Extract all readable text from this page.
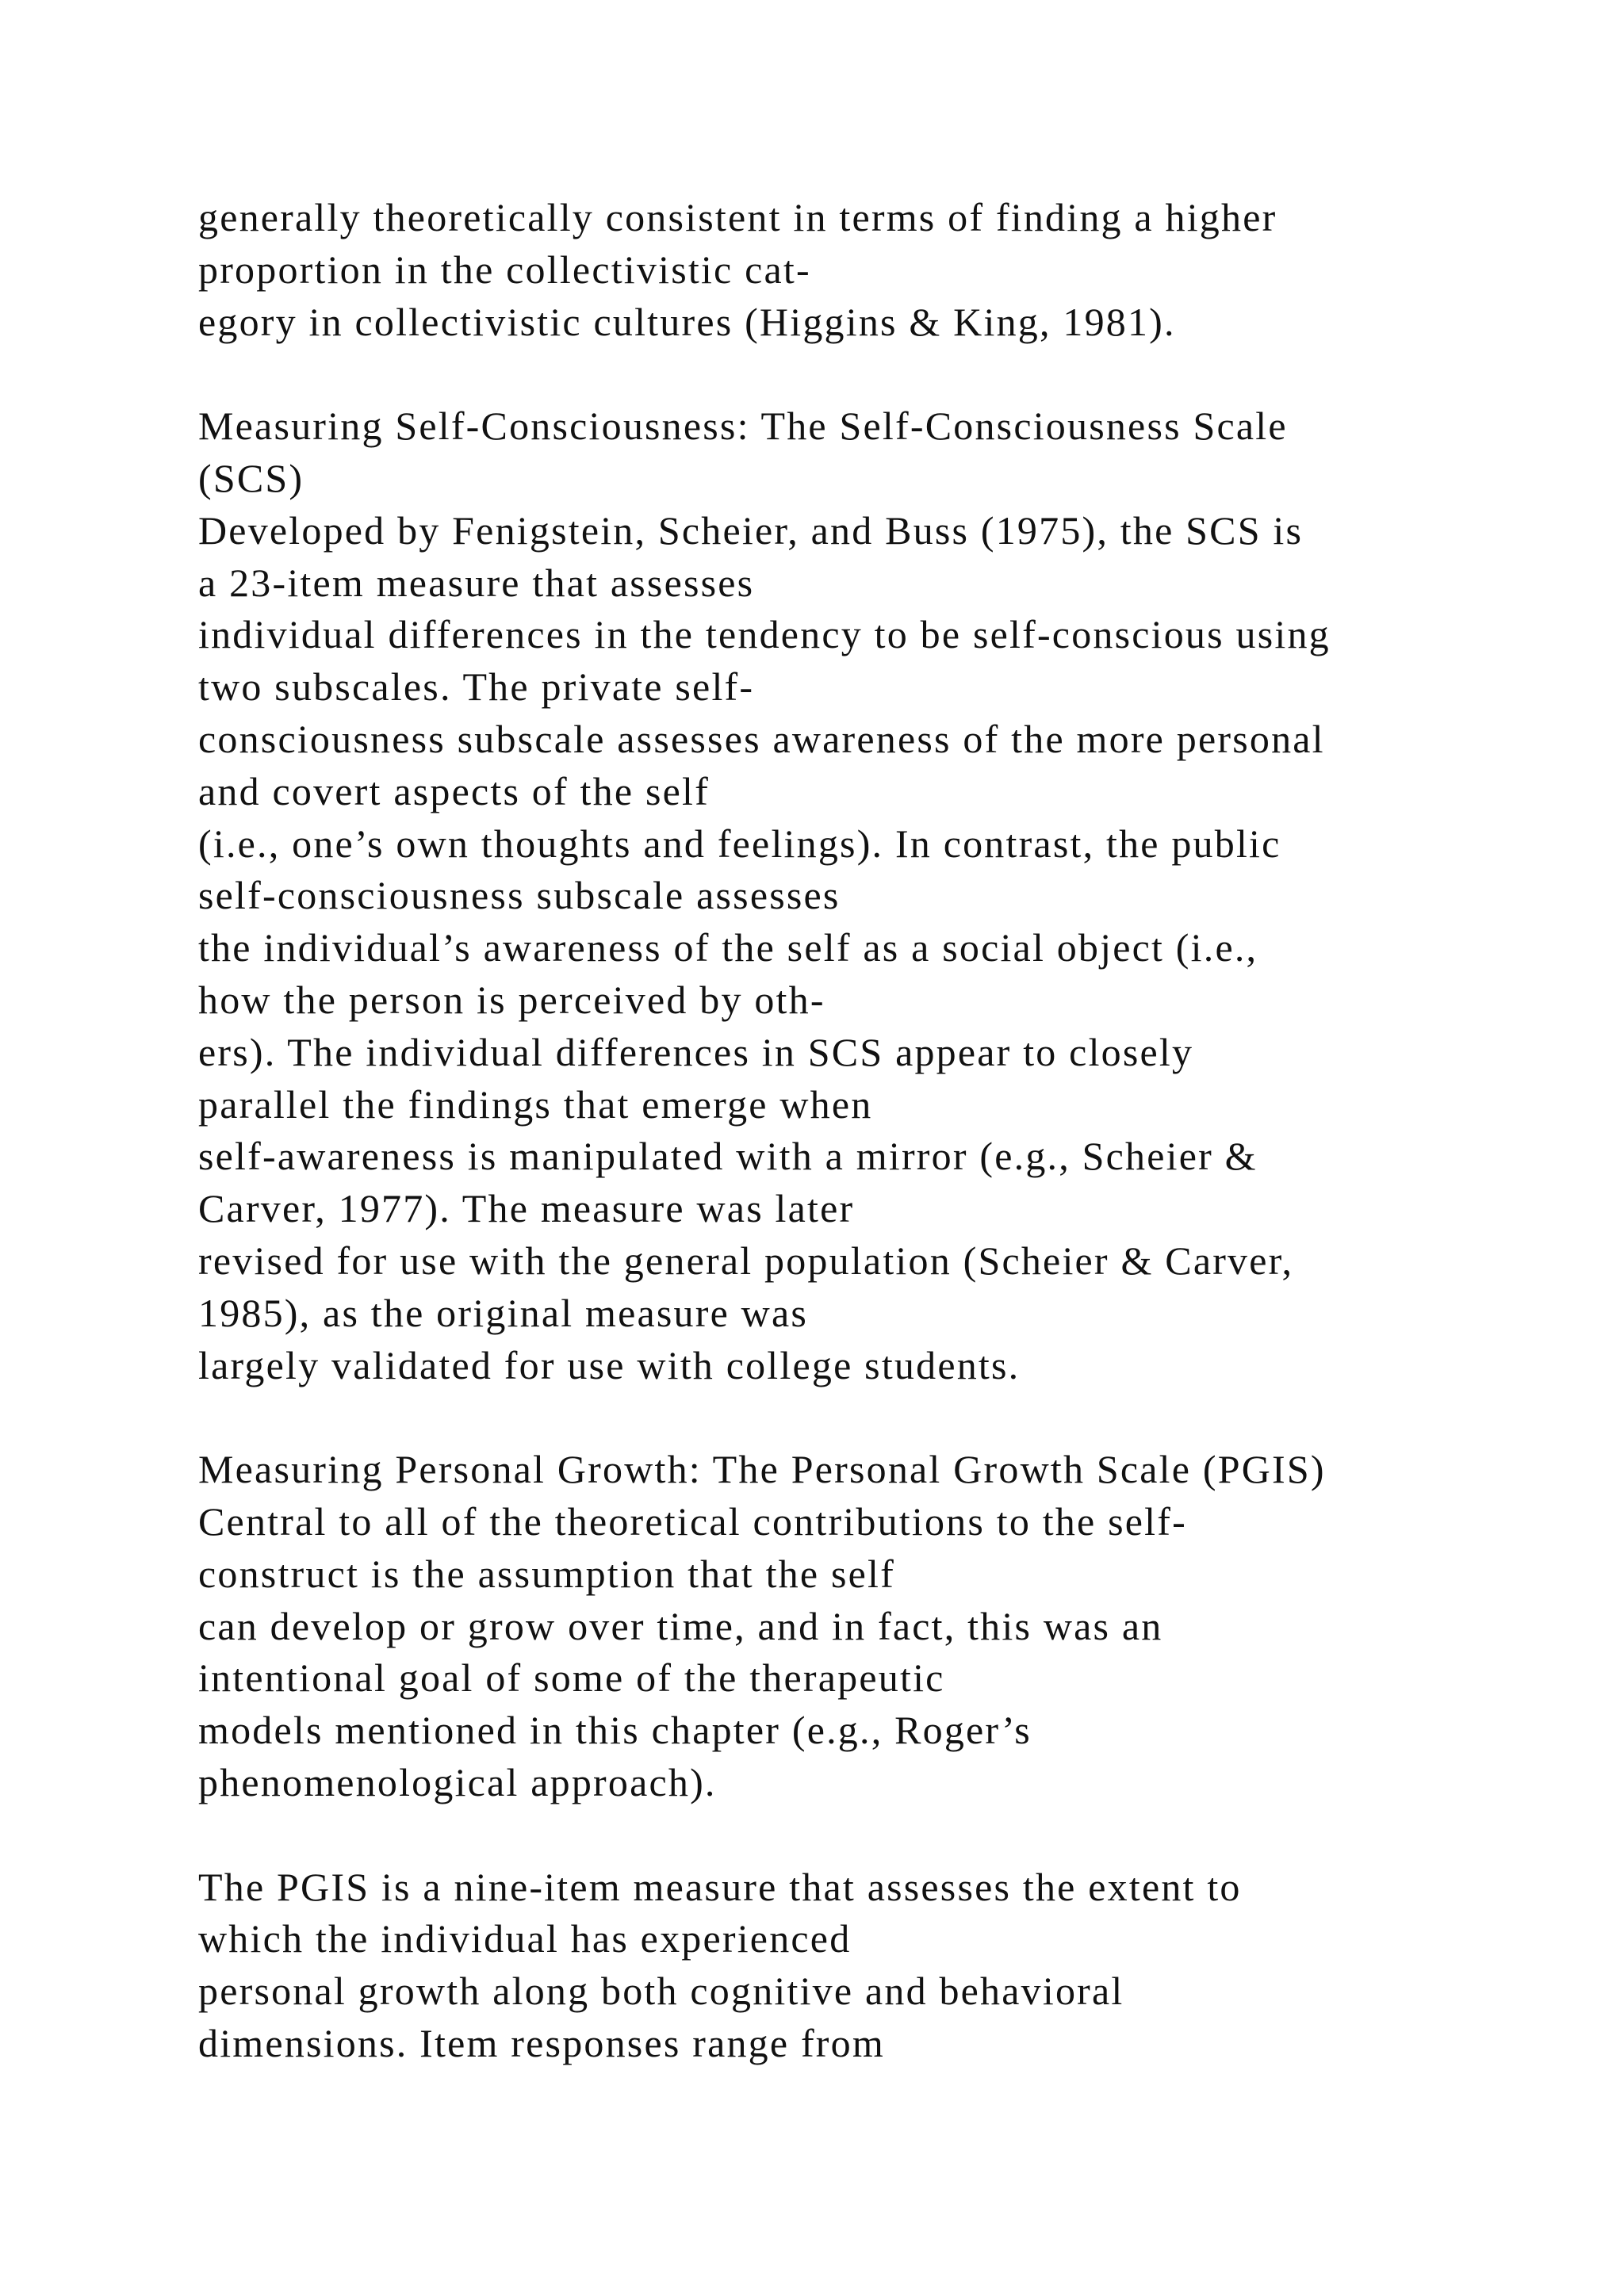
generally theoretically consistent in terms of finding a higher
proportion in the collectivistic cat-
egory in collectivistic cultures (Higgins & King, 1981).

Measuring Self-Consciousness: The Self-Consciousness Scale
(SCS)
Developed by Fenigstein, Scheier, and Buss (1975), the SCS is
a 23-item measure that assesses
individual differences in the tendency to be self-conscious using
two subscales. The private self-
consciousness subscale assesses awareness of the more personal
and covert aspects of the self
(i.e., one’s own thoughts and feelings). In contrast, the public
self-consciousness subscale assesses
the individual’s awareness of the self as a social object (i.e.,
how the person is perceived by oth-
ers). The individual differences in SCS appear to closely
parallel the findings that emerge when
self-awareness is manipulated with a mirror (e.g., Scheier &
Carver, 1977). The measure was later
revised for use with the general population (Scheier & Carver,
1985), as the original measure was
largely validated for use with college students.

Measuring Personal Growth: The Personal Growth Scale (PGIS)
Central to all of the theoretical contributions to the self-
construct is the assumption that the self
can develop or grow over time, and in fact, this was an
intentional goal of some of the therapeutic
models mentioned in this chapter (e.g., Roger’s
phenomenological approach).

The PGIS is a nine-item measure that assesses the extent to
which the individual has experienced
personal growth along both cognitive and behavioral
dimensions. Item responses range from
